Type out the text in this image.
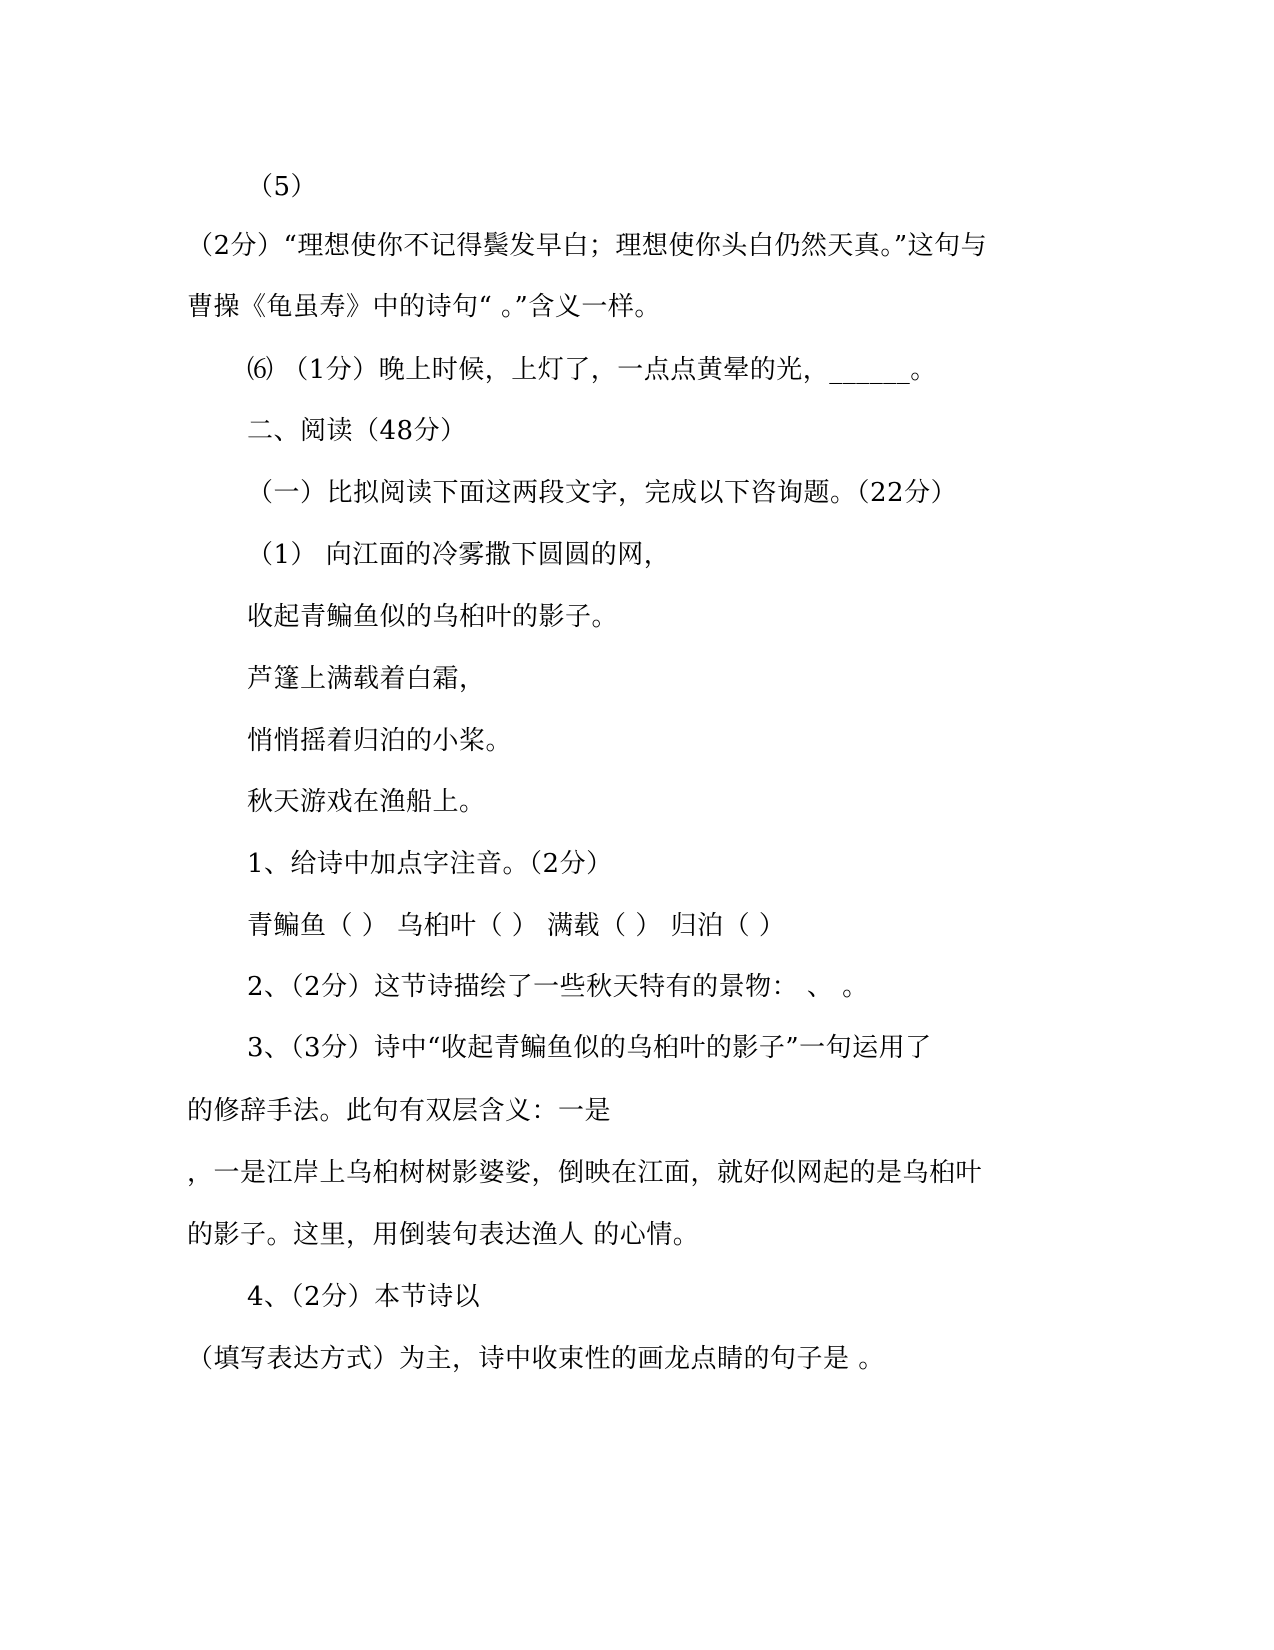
（5）
（2分）“理想使你不记得鬓发早白；理想使你头白仍然天真。”这句与
曹操《龟虽寿》中的诗句“ 。”含义一样。
⑹ （1分）晚上时候，上灯了，一点点黄晕的光，______。
二、阅读（48分）
（一）比拟阅读下面这两段文字，完成以下咨询题。（22分）
（1） 向江面的冷雾撒下圆圆的网，
收起青鳊鱼似的乌桕叶的影子。
芦篷上满载着白霜，
悄悄摇着归泊的小桨。
秋天游戏在渔船上。
1、给诗中加点字注音。（2分）
青鳊鱼（ ） 乌桕叶（ ） 满载（ ） 归泊（ ）
2、（2分）这节诗描绘了一些秋天特有的景物： 、 。
3、（3分）诗中“收起青鳊鱼似的乌桕叶的影子”一句运用了
的修辞手法。此句有双层含义：一是
，一是江岸上乌桕树树影婆娑，倒映在江面，就好似网起的是乌桕叶
的影子。这里，用倒装句表达渔人 的心情。
4、（2分）本节诗以
（填写表达方式）为主，诗中收束性的画龙点睛的句子是 。
